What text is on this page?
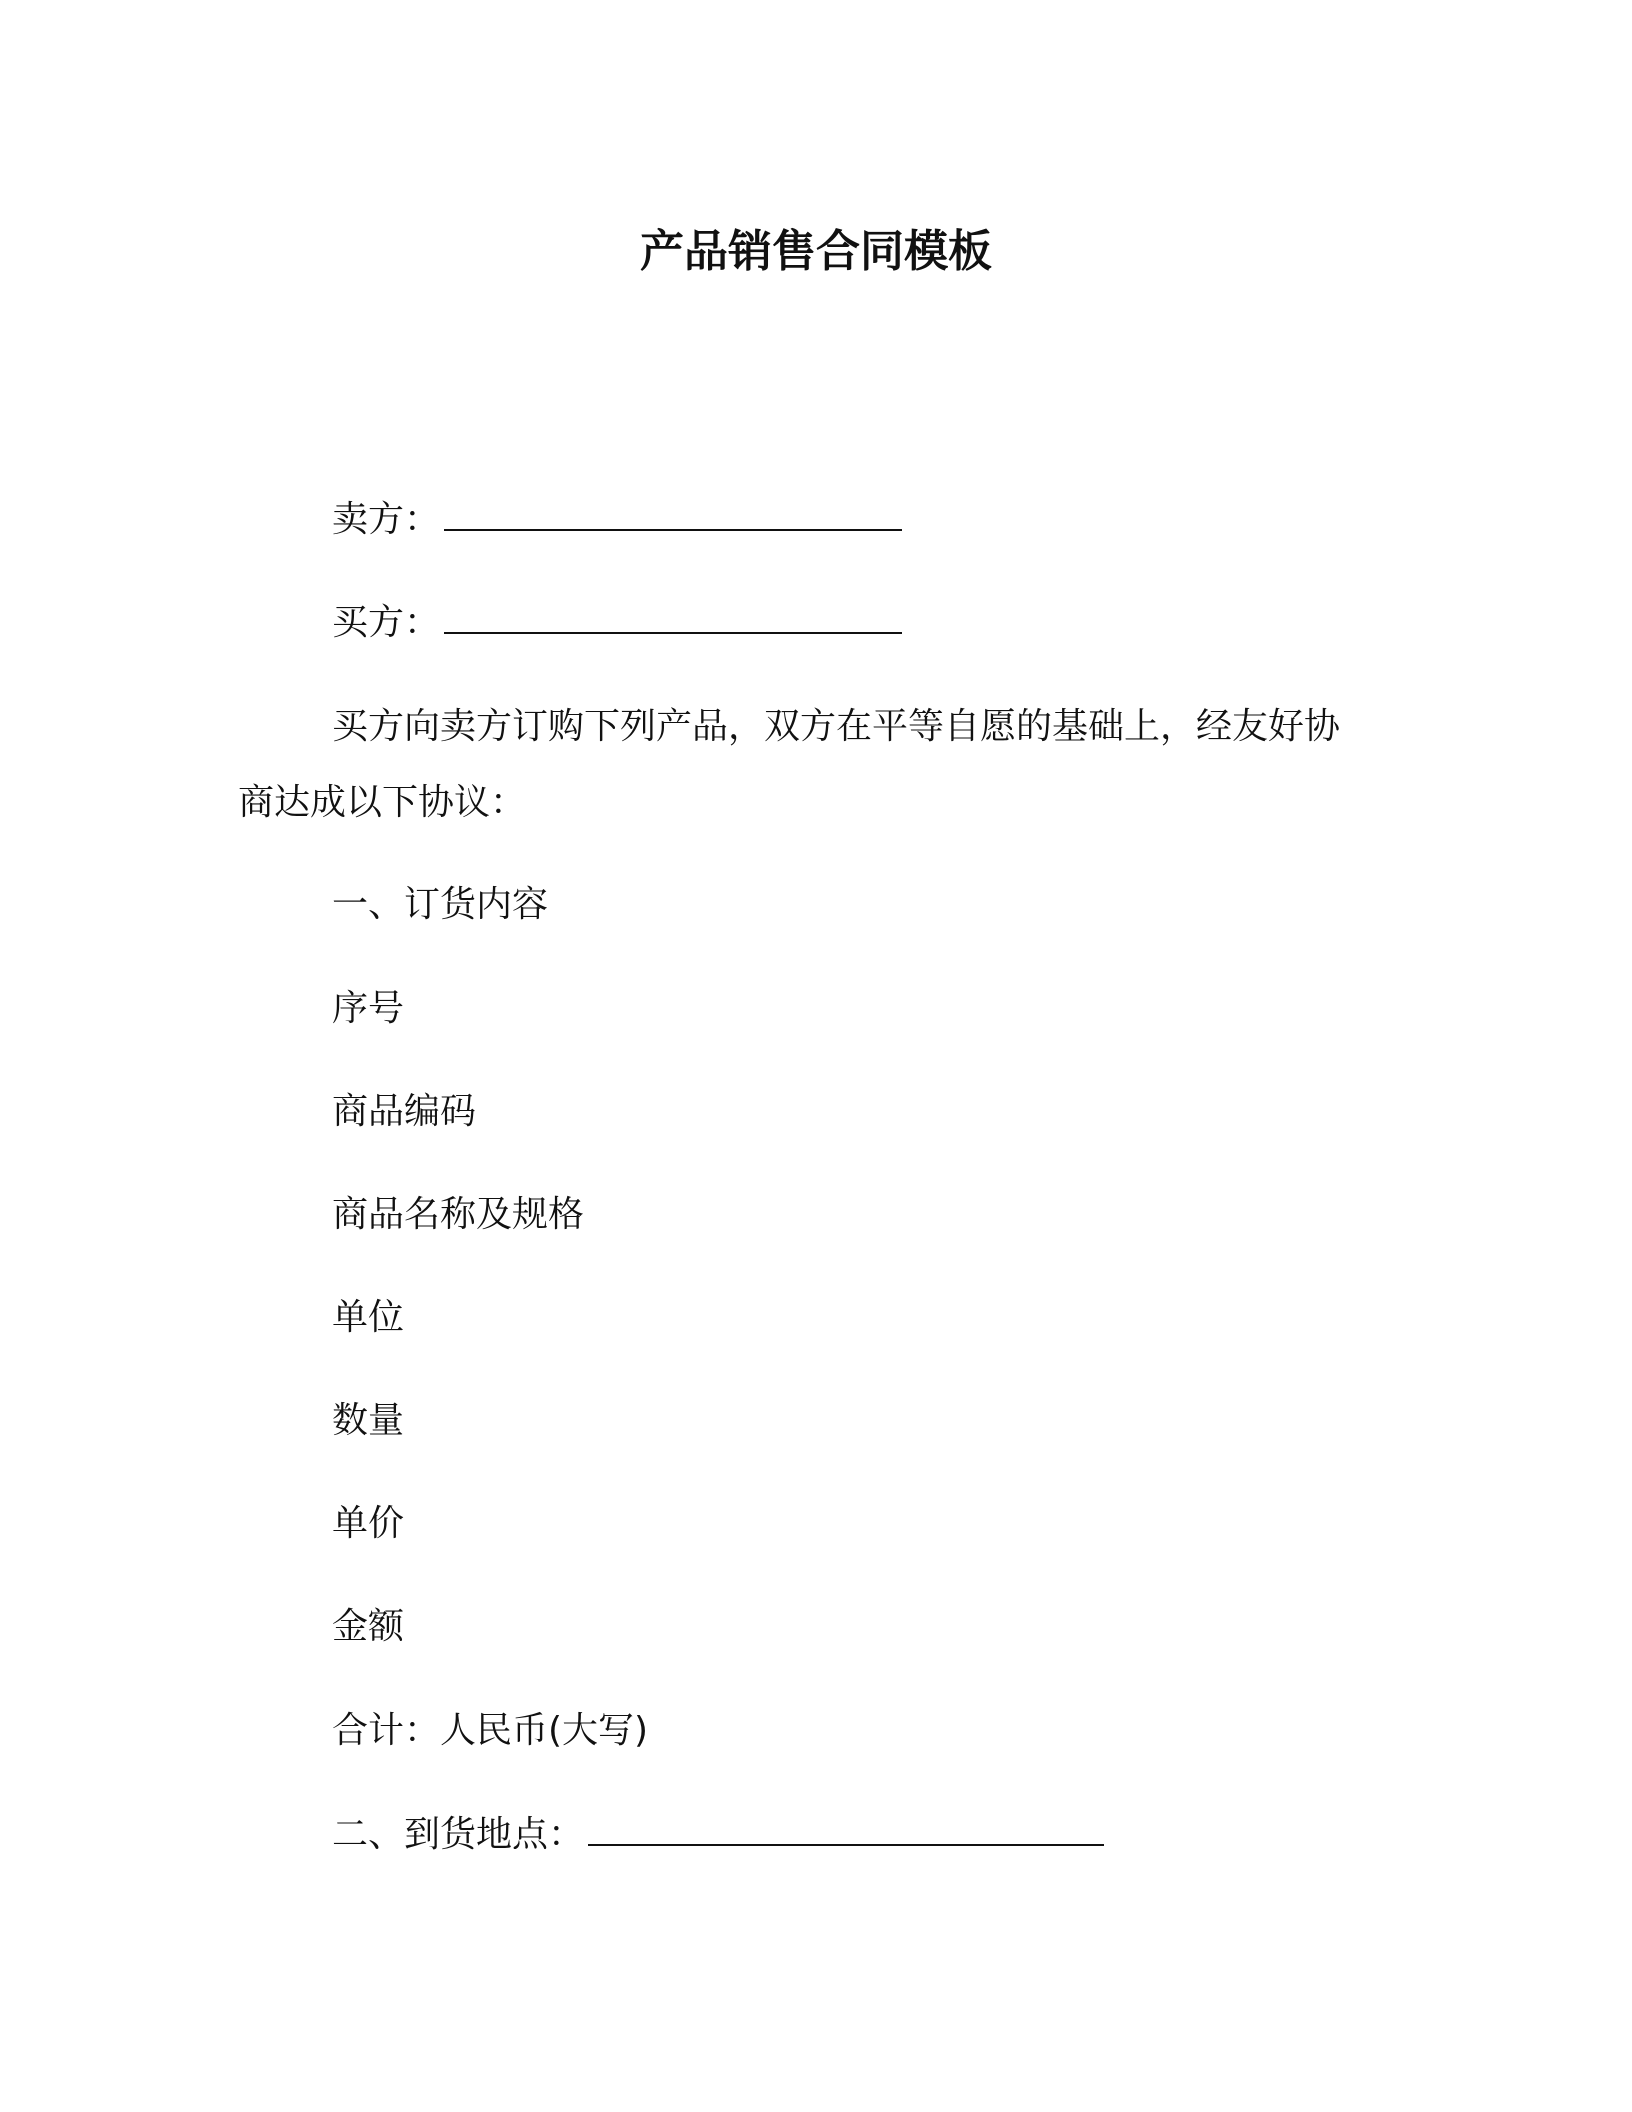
产品销售合同模板
卖方：
买方：
买方向卖方订购下列产品，双方在平等自愿的基础上，经友好协
商达成以下协议：
一、订货内容
序号
商品编码
商品名称及规格
单位
数量
单价
金额
合计：人民币(大写)
二、到货地点：
